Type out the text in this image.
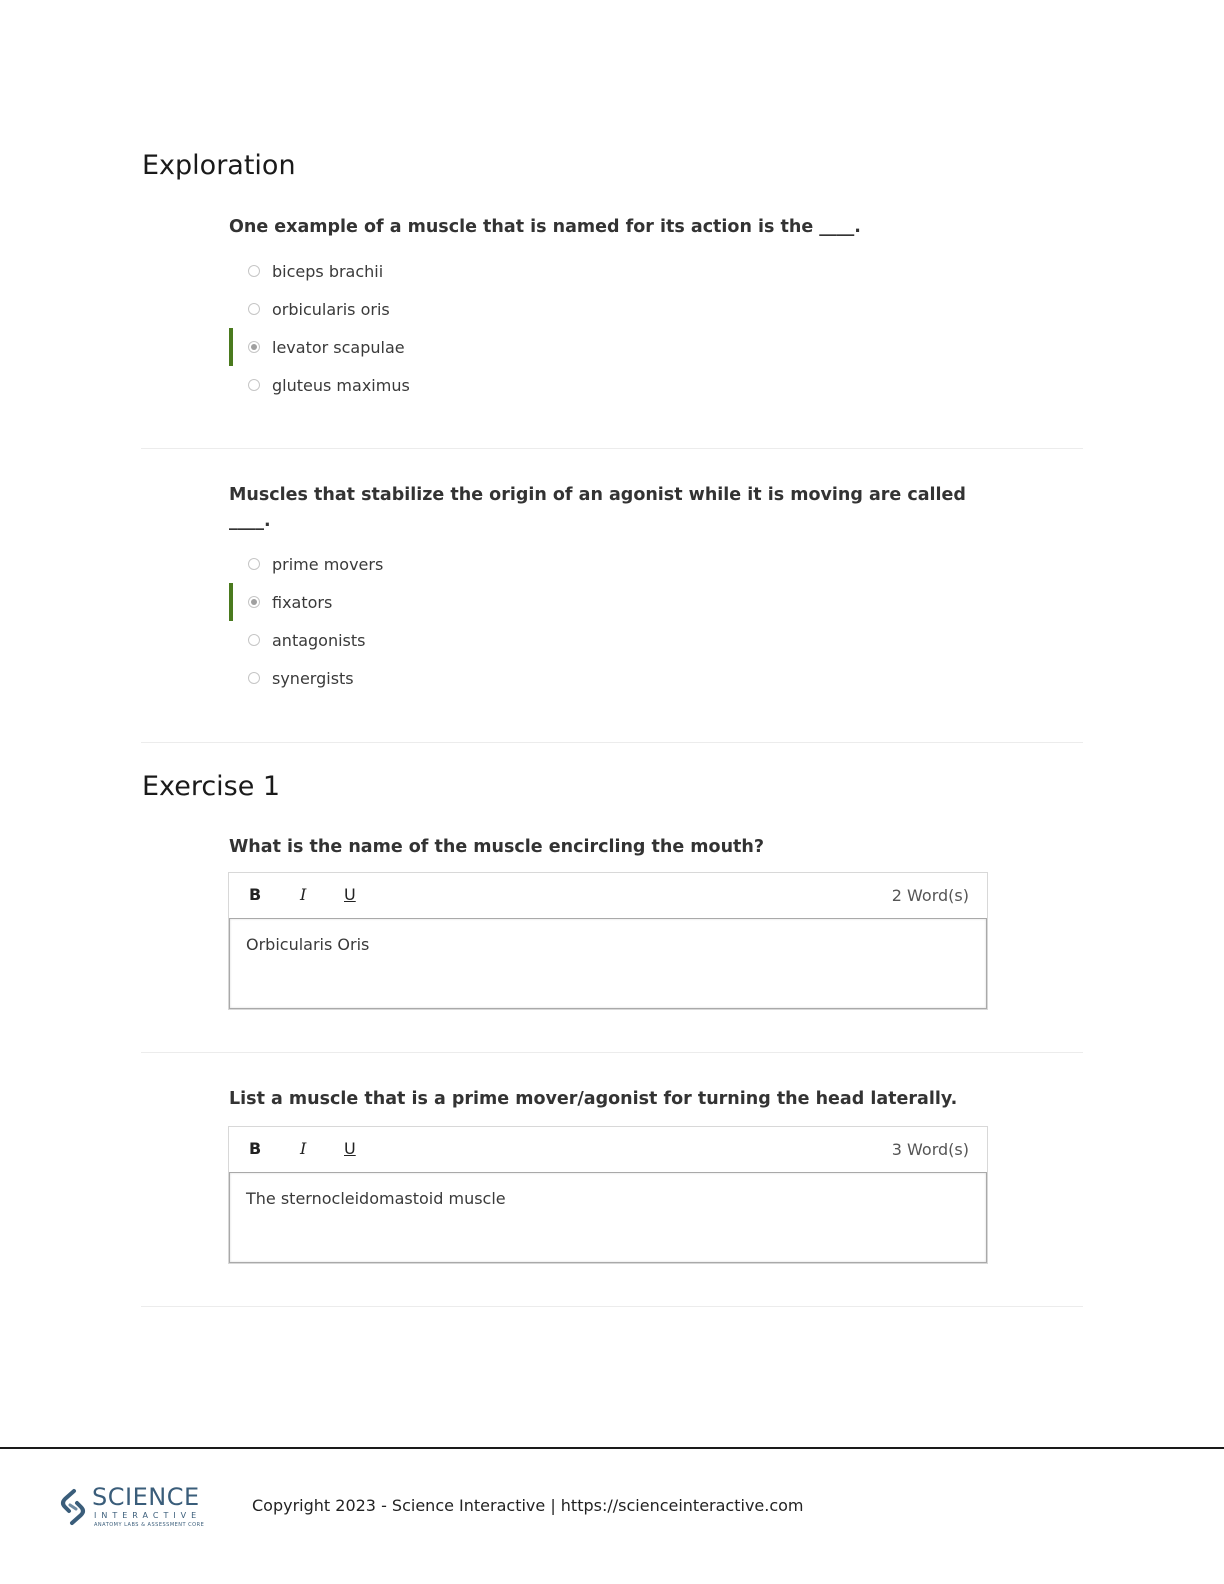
Exploration

One example of a muscle that is named for its action is the ____.

biceps brachii
orbicularis oris
levator scapulae
gluteus maximus

Muscles that stabilize the origin of an agonist while it is moving are called ____.

prime movers
fixators
antagonists
synergists
Exercise 1

What is the name of the muscle encircling the mouth?

B I U	2 Word(s)
Orbicularis Oris

List a muscle that is a prime mover/agonist for turning the head laterally.

B I U	3 Word(s)
The sternocleidomastoid muscle
SCIENCE
INTERACTIVE
ANATOMY LABS & ASSESSMENT CORE
Copyright 2023 - Science Interactive | https://scienceinteractive.com
